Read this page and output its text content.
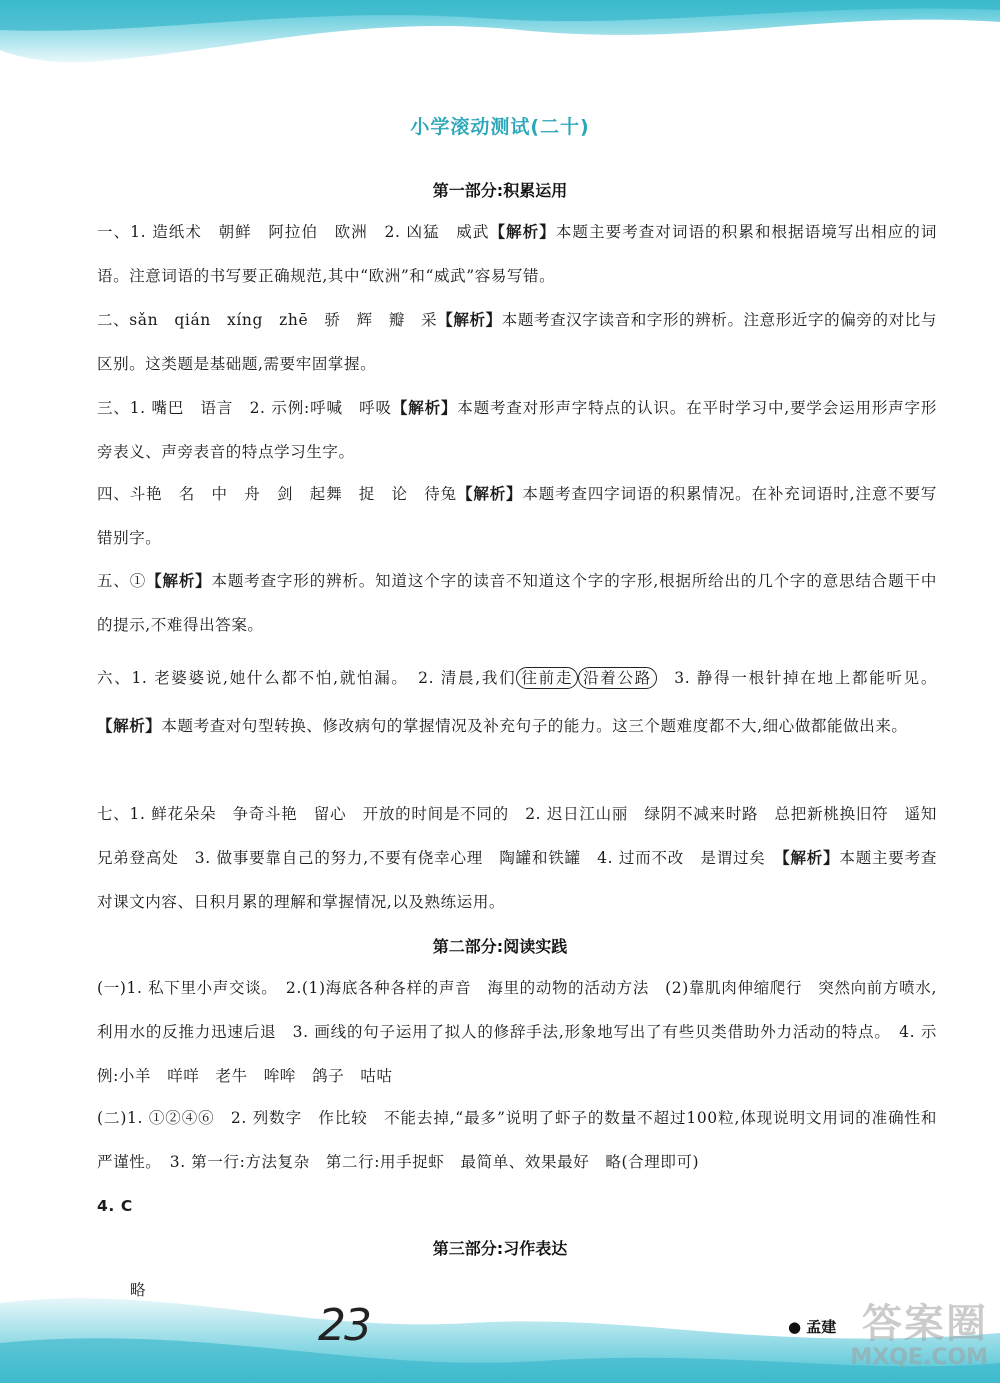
小学滚动测试(二十)
第一部分:积累运用
一、1. 造纸术　朝鲜　阿拉伯　欧洲　2. 凶猛　威武【解析】本题主要考查对词语的积累和根据语境写出相应的词语。注意词语的书写要正确规范,其中“欧洲”和“威武”容易写错。
二、sǎn　qián　xíng　zhē　骄　辉　瓣　采【解析】本题考查汉字读音和字形的辨析。注意形近字的偏旁的对比与区别。这类题是基础题,需要牢固掌握。
三、1. 嘴巴　语言　2. 示例:呼喊　呼吸【解析】本题考查对形声字特点的认识。在平时学习中,要学会运用形声字形旁表义、声旁表音的特点学习生字。
四、斗艳　名　中　舟　剑　起舞　捉　论　待兔【解析】本题考查四字词语的积累情况。在补充词语时,注意不要写错别字。
五、①【解析】本题考查字形的辨析。知道这个字的读音不知道这个字的字形,根据所给出的几个字的意思结合题干中的提示,不难得出答案。
六、1. 老婆婆说,她什么都不怕,就怕漏。　2. 清晨,我们 往前走 沿着公路　3. 静得一根针掉在地上都能听见。【解析】本题考查对句型转换、修改病句的掌握情况及补充句子的能力。这三个题难度都不大,细心做都能做出来。
七、1. 鲜花朵朵　争奇斗艳　留心　开放的时间是不同的　2. 迟日江山丽　绿阴不减来时路　总把新桃换旧符　遥知兄弟登高处　3. 做事要靠自己的努力,不要有侥幸心理　陶罐和铁罐　4. 过而不改　是谓过矣　 【解析】本题主要考查对课文内容、日积月累的理解和掌握情况,以及熟练运用。
第二部分:阅读实践
(一)1. 私下里小声交谈。　2.(1)海底各种各样的声音　海里的动物的活动方法　(2)靠肌肉伸缩爬行　突然向前方喷水,利用水的反推力迅速后退　3. 画线的句子运用了拟人的修辞手法,形象地写出了有些贝类借助外力活动的特点。　4. 示例:小羊　咩咩　老牛　哞哞　鸽子　咕咕
(二)1. ①②④⑥　2. 列数字　作比较　不能去掉,“最多”说明了虾子的数量不超过100粒,体现说明文用词的准确性和严谨性。　3. 第一行:方法复杂　第二行:用手捉虾　最简单、效果最好　略(合理即可)
4. C
第三部分:习作表达
略
23	● 孟建 答案圈
MXQE.COM
